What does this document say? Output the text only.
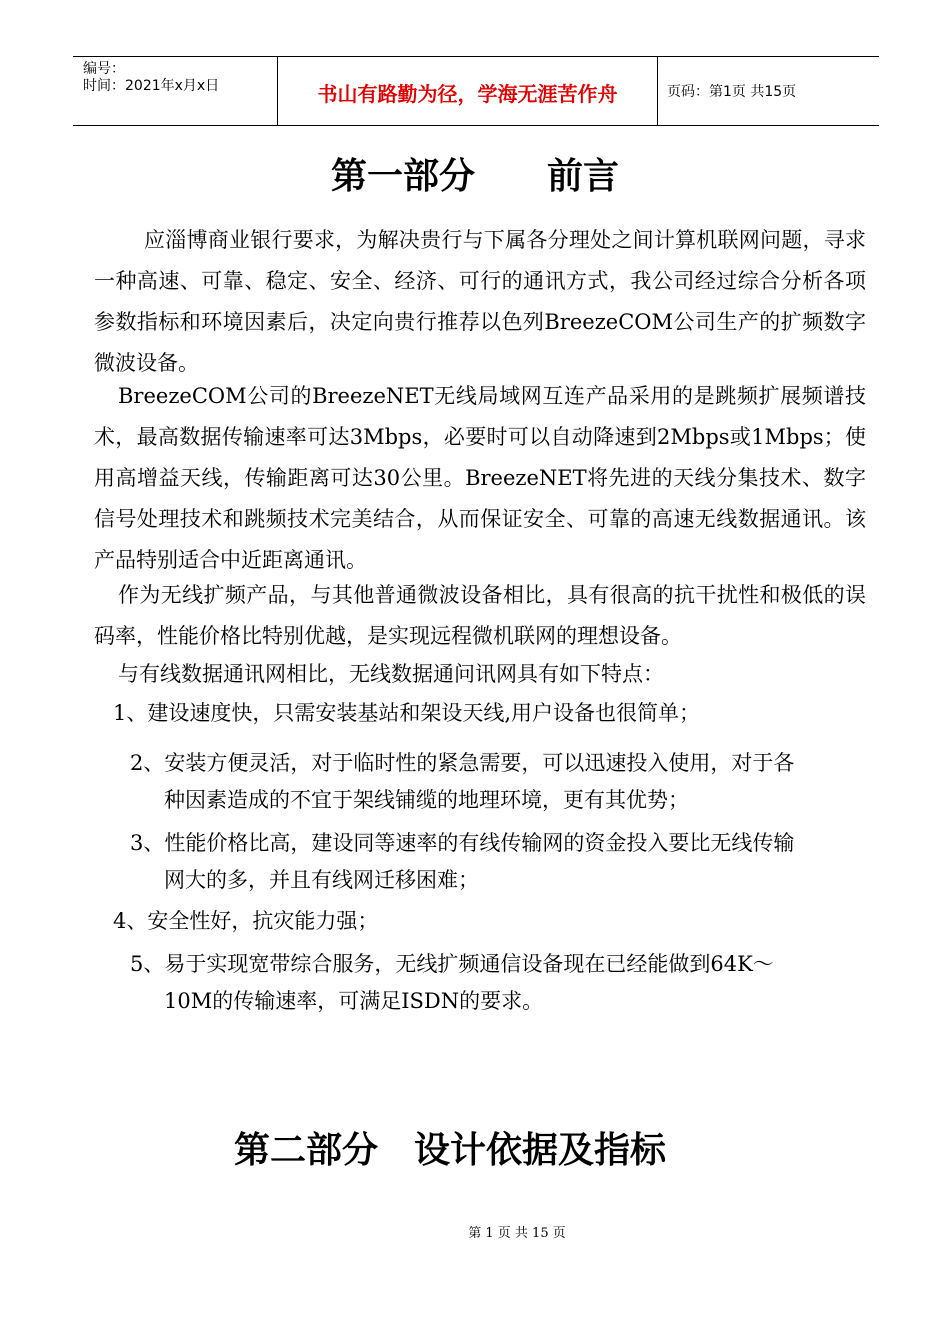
编号：
时间：2021年x月x日	书山有路勤为径，学海无涯苦作舟	页码：第1页 共15页
第一部分　　前言
应淄博商业银行要求，为解决贵行与下属各分理处之间计算机联网问题，寻求一种高速、可靠、稳定、安全、经济、可行的通讯方式，我公司经过综合分析各项参数指标和环境因素后，决定向贵行推荐以色列BreezeCOM公司生产的扩频数字微波设备。
BreezeCOM公司的BreezeNET无线局域网互连产品采用的是跳频扩展频谱技术，最高数据传输速率可达3Mbps，必要时可以自动降速到2Mbps或1Mbps；使用高增益天线，传输距离可达30公里。BreezeNET将先进的天线分集技术、数字信号处理技术和跳频技术完美结合，从而保证安全、可靠的高速无线数据通讯。该产品特别适合中近距离通讯。
作为无线扩频产品，与其他普通微波设备相比，具有很高的抗干扰性和极低的误码率，性能价格比特别优越，是实现远程微机联网的理想设备。
与有线数据通讯网相比，无线数据通问讯网具有如下特点：
1、建设速度快，只需安装基站和架设天线,用户设备也很简单；
2、安装方便灵活，对于临时性的紧急需要，可以迅速投入使用，对于各
种因素造成的不宜于架线铺缆的地理环境，更有其优势；
3、性能价格比高，建设同等速率的有线传输网的资金投入要比无线传输
网大的多，并且有线网迁移困难；
4、安全性好，抗灾能力强；
5、易于实现宽带综合服务，无线扩频通信设备现在已经能做到64K～
10M的传输速率，可满足ISDN的要求。
第二部分　设计依据及指标
第 1 页 共 15 页
